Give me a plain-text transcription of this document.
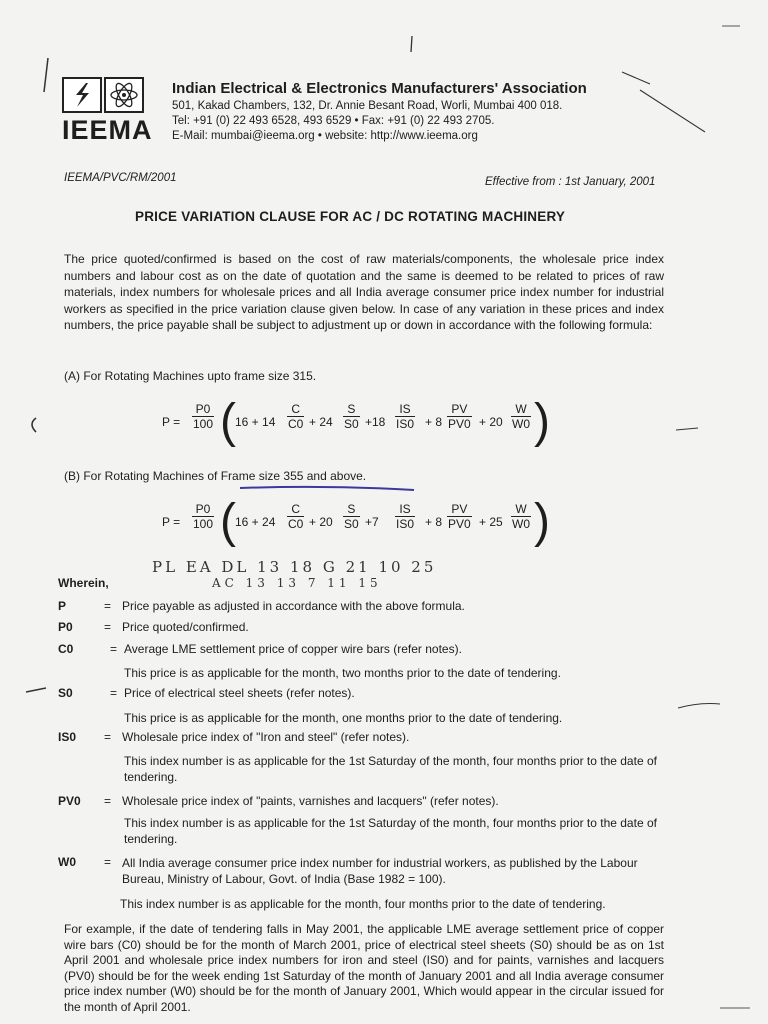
IEEMA
Indian Electrical & Electronics Manufacturers' Association
501, Kakad Chambers, 132, Dr. Annie Besant Road, Worli, Mumbai 400 018.
Tel: +91 (0) 22 493 6528, 493 6529 • Fax: +91 (0) 22 493 2705.
E-Mail: mumbai@ieema.org • website: http://www.ieema.org
IEEMA/PVC/RM/2001	Effective from : 1st January, 2001
PRICE VARIATION CLAUSE FOR AC / DC ROTATING MACHINERY
The price quoted/confirmed is based on the cost of raw materials/components, the wholesale price index numbers and labour cost as on the date of quotation and the same is deemed to be related to prices of raw materials, index numbers for wholesale prices and all India average consumer price index number for industrial workers as specified in the price variation clause given below. In case of any variation in these prices and index numbers, the price payable shall be subject to adjustment up or down in accordance with the following formula:
(A) For Rotating Machines upto frame size 315.
$P = \frac{P0}{100}$ ( $16 + 14 \frac{C}{C0} + 24 \frac{S}{S0} +18 \frac{IS}{IS0} + 8 \frac{PV}{PV0} + 20 \frac{W}{W0}$ )
(B) For Rotating Machines of Frame size 355 and above.
$P = \frac{P0}{100}$ ( $16 + 24 \frac{C}{C0} + 20 \frac{S}{S0} +7 \frac{IS}{IS0} + 8 \frac{PV}{PV0} + 25 \frac{W}{W0}$ )
PL EA DL 13 18 G 21 10 25
AC 13 13 7 11 15
Wherein,
P	= Price payable as adjusted in accordance with the above formula.
P0	= Price quoted/confirmed.
C0	= Average LME settlement price of copper wire bars (refer notes).
This price is as applicable for the month, two months prior to the date of tendering.
S0	= Price of electrical steel sheets (refer notes).
This price is as applicable for the month, one months prior to the date of tendering.
IS0 = Wholesale price index of "Iron and steel" (refer notes).
This index number is as applicable for the 1st Saturday of the month, four months prior to the date of tendering.
PV0 = Wholesale price index of "paints, varnishes and lacquers" (refer notes).
This index number is as applicable for the 1st Saturday of the month, four months prior to the date of tendering.
W0 = All India average consumer price index number for industrial workers, as published by the Labour Bureau, Ministry of Labour, Govt. of India (Base 1982 = 100).
This index number is as applicable for the month, four months prior to the date of tendering.
For example, if the date of tendering falls in May 2001, the applicable LME average settlement price of copper wire bars (C0) should be for the month of March 2001, price of electrical steel sheets (S0) should be as on 1st April 2001 and wholesale price index numbers for iron and steel (IS0) and for paints, varnishes and lacquers (PV0) should be for the week ending 1st Saturday of the month of January 2001 and all India average consumer price index number (W0) should be for the month of January 2001, Which would appear in the circular issued for the month of April 2001.
